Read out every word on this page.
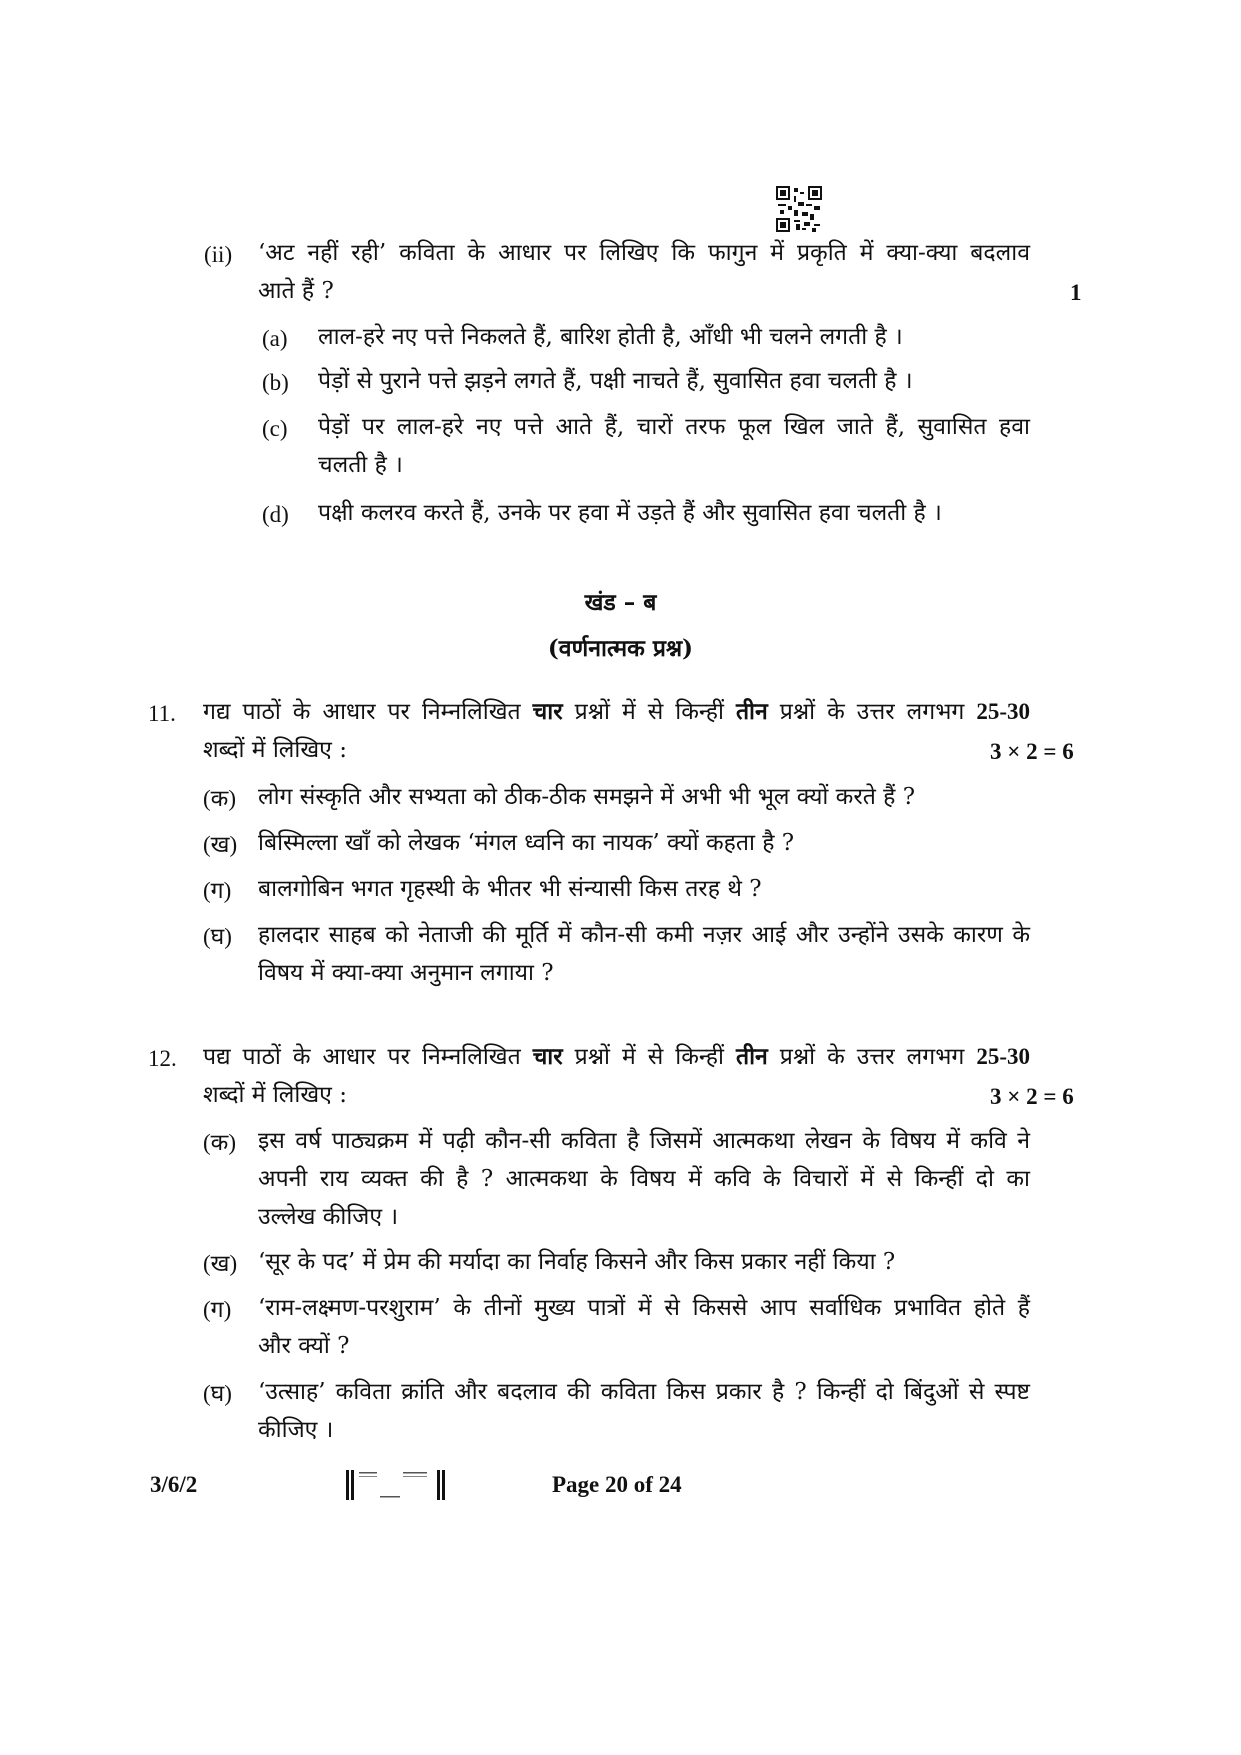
(ii) ‘अट नहीं रही’ कविता के आधार पर लिखिए कि फागुन में प्रकृति में क्या-क्या बदलाव
आते हैं ?	1
(a) लाल-हरे नए पत्ते निकलते हैं, बारिश होती है, आँधी भी चलने लगती है ।
(b) पेड़ों से पुराने पत्ते झड़ने लगते हैं, पक्षी नाचते हैं, सुवासित हवा चलती है ।
(c) पेड़ों पर लाल-हरे नए पत्ते आते हैं, चारों तरफ फूल खिल जाते हैं, सुवासित हवा
चलती है ।
(d) पक्षी कलरव करते हैं, उनके पर हवा में उड़ते हैं और सुवासित हवा चलती है ।
खंड – ब
(वर्णनात्मक प्रश्न)
11. गद्य पाठों के आधार पर निम्नलिखित चार प्रश्नों में से किन्हीं तीन प्रश्नों के उत्तर लगभग 25-30
शब्दों में लिखिए :	3 × 2 = 6
(क) लोग संस्कृति और सभ्यता को ठीक-ठीक समझने में अभी भी भूल क्यों करते हैं ?
(ख) बिस्मिल्ला खाँ को लेखक ‘मंगल ध्वनि का नायक’ क्यों कहता है ?
(ग) बालगोबिन भगत गृहस्थी के भीतर भी संन्यासी किस तरह थे ?
(घ) हालदार साहब को नेताजी की मूर्ति में कौन-सी कमी नज़र आई और उन्होंने उसके कारण के
विषय में क्या-क्या अनुमान लगाया ?
12. पद्य पाठों के आधार पर निम्नलिखित चार प्रश्नों में से किन्हीं तीन प्रश्नों के उत्तर लगभग 25-30
शब्दों में लिखिए :	3 × 2 = 6
(क) इस वर्ष पाठ्यक्रम में पढ़ी कौन-सी कविता है जिसमें आत्मकथा लेखन के विषय में कवि ने
अपनी राय व्यक्त की है ? आत्मकथा के विषय में कवि के विचारों में से किन्हीं दो का
उल्लेख कीजिए ।
(ख) ‘सूर के पद’ में प्रेम की मर्यादा का निर्वाह किसने और किस प्रकार नहीं किया ?
(ग) ‘राम-लक्ष्मण-परशुराम’ के तीनों मुख्य पात्रों में से किससे आप सर्वाधिक प्रभावित होते हैं
और क्यों ?
(घ) ‘उत्साह’ कविता क्रांति और बदलाव की कविता किस प्रकार है ? किन्हीं दो बिंदुओं से स्पष्ट
कीजिए ।
3/6/2	Page 20 of 24
